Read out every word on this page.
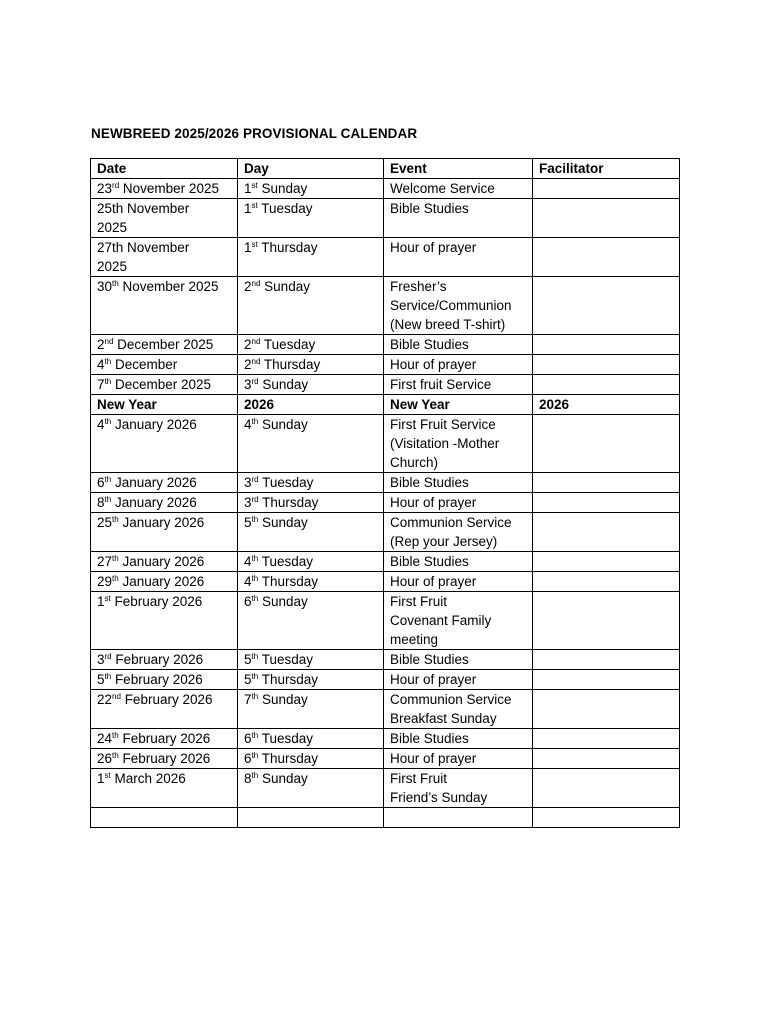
NEWBREED 2025/2026 PROVISIONAL CALENDAR
Date	Day	Event	Facilitator

23rd November 2025	1st Sunday	Welcome Service	

25th November
2025	1st Tuesday	Bible Studies	

27th November
2025	1st Thursday	Hour of prayer	

30th November 2025	2nd Sunday	Fresher’s
Service/Communion
(New breed T-shirt)	

2nd December 2025	2nd Tuesday	Bible Studies	

4th December	2nd Thursday	Hour of prayer	

7th December 2025	3rd Sunday	First fruit Service	

New Year	2026	New Year	2026

4th January 2026	4th Sunday	First Fruit Service
(Visitation -Mother
Church)	

6th January 2026	3rd Tuesday	Bible Studies	

8th January 2026	3rd Thursday	Hour of prayer	

25th January 2026	5th Sunday	Communion Service
(Rep your Jersey)	

27th January 2026	4th Tuesday	Bible Studies	

29th January 2026	4th Thursday	Hour of prayer	

1st February 2026	6th Sunday	First Fruit
Covenant Family
meeting	

3rd February 2026	5th Tuesday	Bible Studies	

5th February 2026	5th Thursday	Hour of prayer	

22nd February 2026	7th Sunday	Communion Service
Breakfast Sunday	

24th February 2026	6th Tuesday	Bible Studies	

26th February 2026	6th Thursday	Hour of prayer	

1st March 2026	8th Sunday	First Fruit
Friend’s Sunday	
